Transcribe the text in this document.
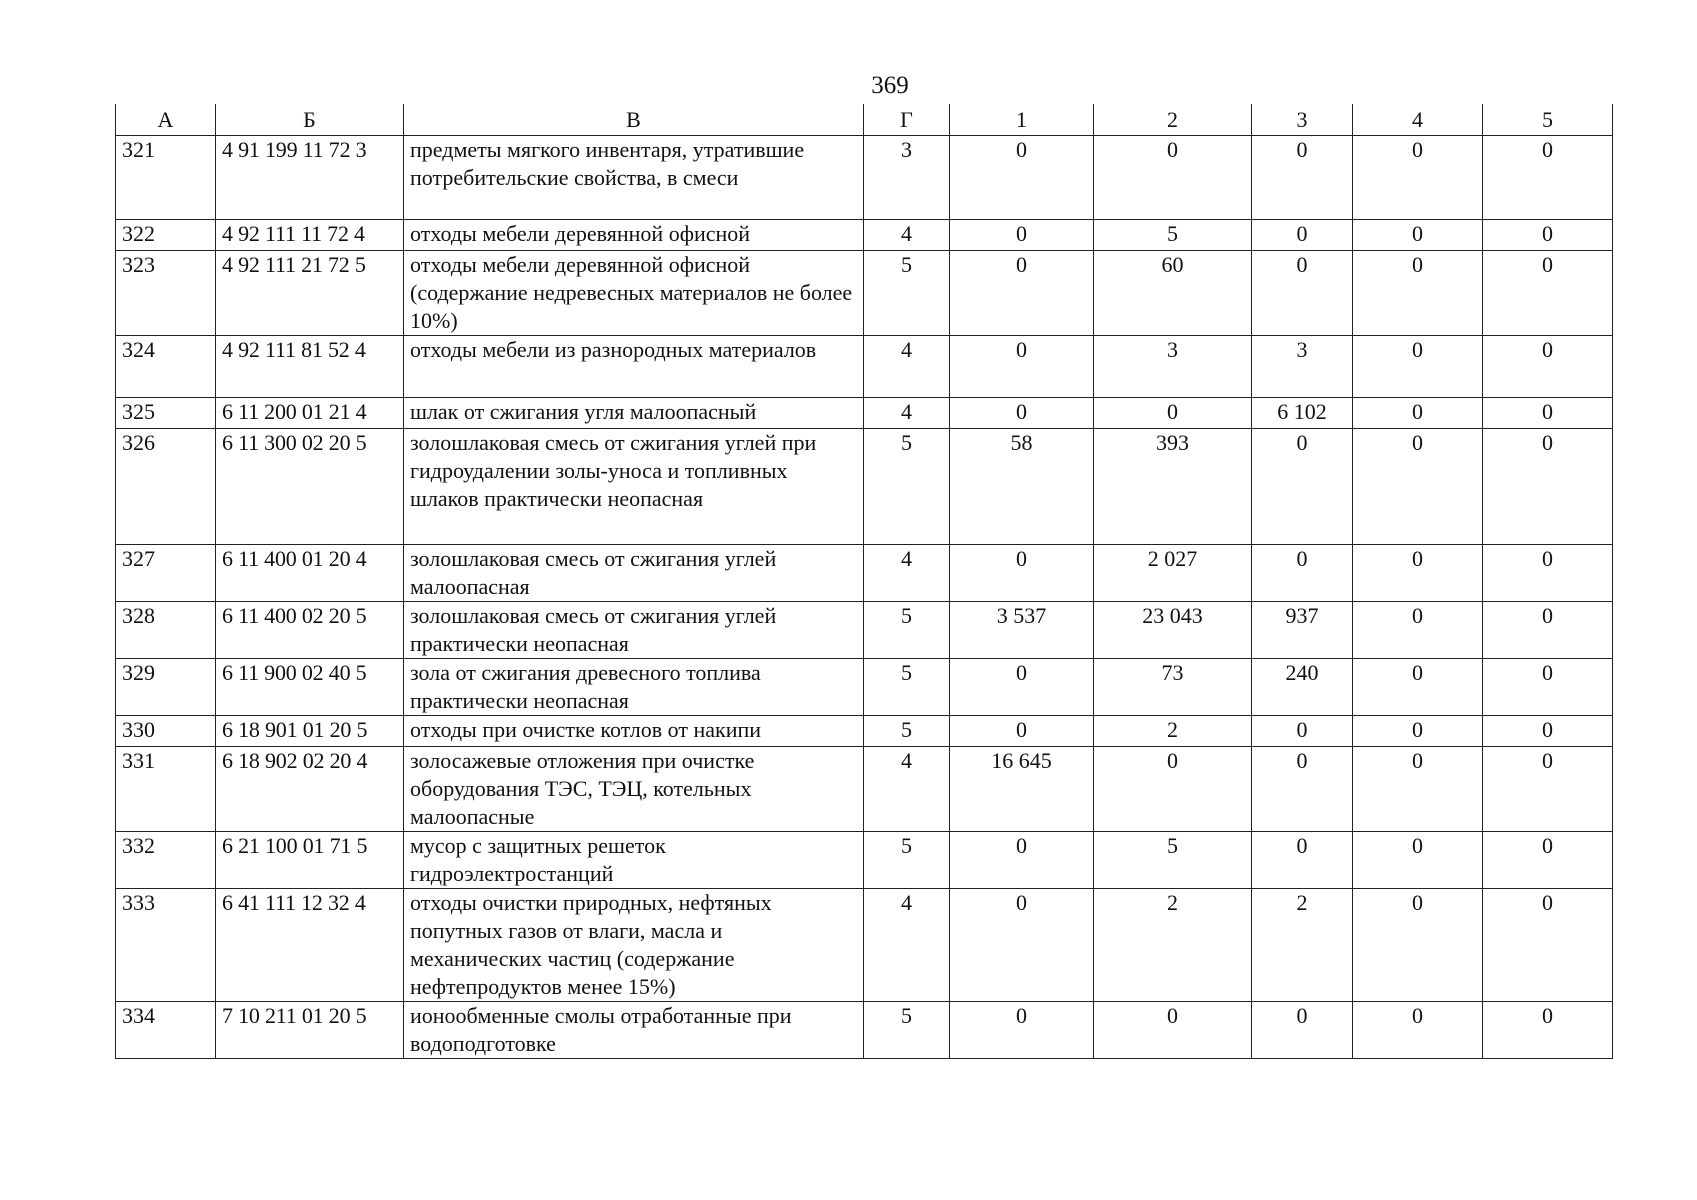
369
А	Б	В	Г	1	2	3	4	5
321	4 91 199 11 72 3	предметы мягкого инвентаря, утратившие потребительские свойства, в смеси	3	0	0	0	0	0
322	4 92 111 11 72 4	отходы мебели деревянной офисной	4	0	5	0	0	0
323	4 92 111 21 72 5	отходы мебели деревянной офисной (содержание недревесных материалов не более 10%)	5	0	60	0	0	0
324	4 92 111 81 52 4	отходы мебели из разнородных материалов	4	0	3	3	0	0
325	6 11 200 01 21 4	шлак от сжигания угля малоопасный	4	0	0	6 102	0	0
326	6 11 300 02 20 5	золошлаковая смесь от сжигания углей при гидроудалении золы-уноса и топливных шлаков практически неопасная	5	58	393	0	0	0
327	6 11 400 01 20 4	золошлаковая смесь от сжигания углей малоопасная	4	0	2 027	0	0	0
328	6 11 400 02 20 5	золошлаковая смесь от сжигания углей практически неопасная	5	3 537	23 043	937	0	0
329	6 11 900 02 40 5	зола от сжигания древесного топлива практически неопасная	5	0	73	240	0	0
330	6 18 901 01 20 5	отходы при очистке котлов от накипи	5	0	2	0	0	0
331	6 18 902 02 20 4	золосажевые отложения при очистке оборудования ТЭС, ТЭЦ, котельных малоопасные	4	16 645	0	0	0	0
332	6 21 100 01 71 5	мусор с защитных решеток гидроэлектростанций	5	0	5	0	0	0
333	6 41 111 12 32 4	отходы очистки природных, нефтяных попутных газов от влаги, масла и механических частиц (содержание нефтепродуктов менее 15%)	4	0	2	2	0	0
334	7 10 211 01 20 5	ионообменные смолы отработанные при водоподготовке	5	0	0	0	0	0
